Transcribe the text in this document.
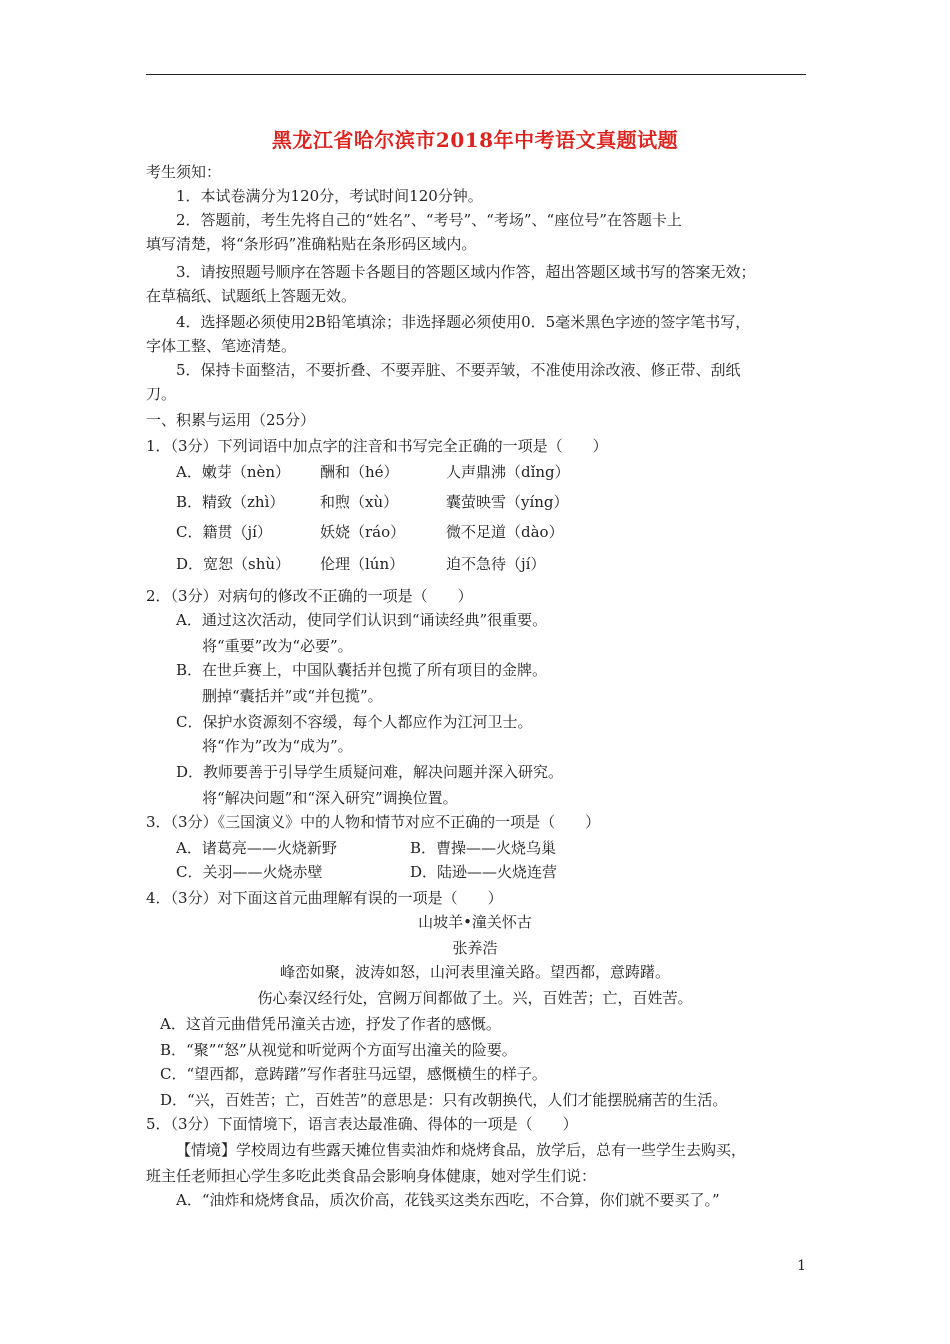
黑龙江省哈尔滨市2018年中考语文真题试题
考生须知：
1．本试卷满分为120分，考试时间120分钟。
2．答题前，考生先将自己的“姓名”、“考号”、“考场”、“座位号”在答题卡上
填写清楚，将“条形码”准确粘贴在条形码区域内。
3．请按照题号顺序在答题卡各题目的答题区域内作答，超出答题区域书写的答案无效；
在草稿纸、试题纸上答题无效。
4．选择题必须使用2B铅笔填涂；非选择题必须使用0．5毫米黑色字迹的签字笔书写，
字体工整、笔迹清楚。
5．保持卡面整洁，不要折叠、不要弄脏、不要弄皱，不准使用涂改液、修正带、刮纸
刀。
一、积累与运用（25分）
1．（3分）下列词语中加点字的注音和书写完全正确的一项是（　　）
A．嫩芽（nèn） 酬和（hé）	人声鼎沸（dǐng）
B．精致（zhì） 和煦（xù）	囊萤映雪（yíng）
C．籍贯（jí）	妖娆（ráo）	微不足道（dào）
D．宽恕（shù） 伦理（lún）	迫不急待（jí）
2．（3分）对病句的修改不正确的一项是（　　）
A．通过这次活动，使同学们认识到“诵读经典”很重要。
将“重要”改为“必要”。
B．在世乒赛上，中国队囊括并包揽了所有项目的金牌。
删掉“囊括并”或“并包揽”。
C．保护水资源刻不容缓，每个人都应作为江河卫士。
将“作为”改为“成为”。
D．教师要善于引导学生质疑问难，解决问题并深入研究。
将“解决问题”和“深入研究”调换位置。
3．（3分）《三国演义》中的人物和情节对应不正确的一项是（　　）
A．诸葛亮——火烧新野	B．曹操——火烧乌巢
C．关羽——火烧赤壁	D．陆逊——火烧连营
4．（3分）对下面这首元曲理解有误的一项是（　　）
山坡羊•潼关怀古
张养浩
峰峦如聚，波涛如怒，山河表里潼关路。望西都，意踌躇。
伤心秦汉经行处，宫阙万间都做了土。兴，百姓苦；亡，百姓苦。
A．这首元曲借凭吊潼关古迹，抒发了作者的感慨。
B．“聚”“怒”从视觉和听觉两个方面写出潼关的险要。
C．“望西都，意踌躇”写作者驻马远望，感慨横生的样子。
D．“兴，百姓苦；亡，百姓苦”的意思是：只有改朝换代，人们才能摆脱痛苦的生活。
5．（3分）下面情境下，语言表达最准确、得体的一项是（　　）
【情境】学校周边有些露天摊位售卖油炸和烧烤食品，放学后，总有一些学生去购买，
班主任老师担心学生多吃此类食品会影响身体健康，她对学生们说：
A．“油炸和烧烤食品，质次价高，花钱买这类东西吃，不合算，你们就不要买了。”
1
